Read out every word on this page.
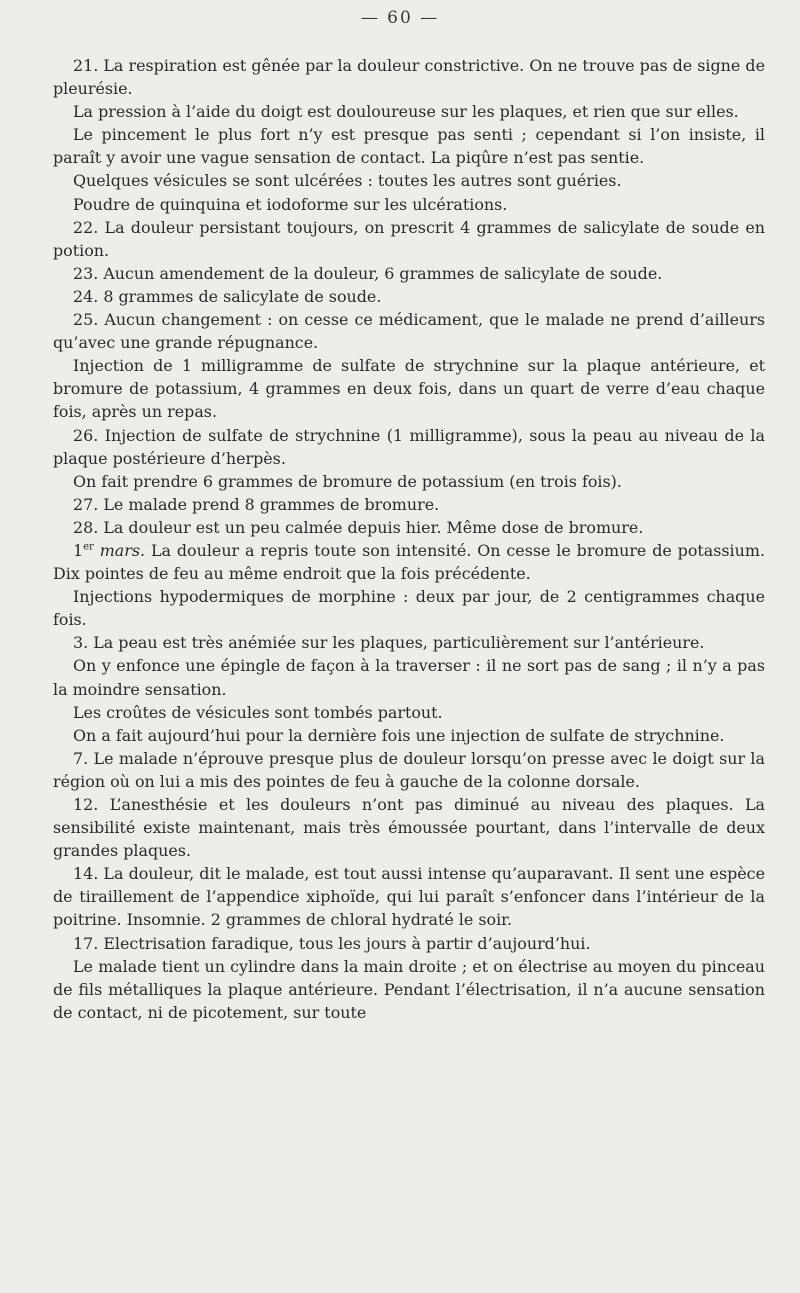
— 60 —

21. La respiration est gênée par la douleur constrictive. On ne trouve pas de signe de pleurésie.

La pression à l’aide du doigt est douloureuse sur les plaques, et rien que sur elles.

Le pincement le plus fort n’y est presque pas senti ; cependant si l’on insiste, il paraît y avoir une vague sensation de contact. La piqûre n’est pas sentie.

Quelques vésicules se sont ulcérées : toutes les autres sont guéries.

Poudre de quinquina et iodoforme sur les ulcérations.

22. La douleur persistant toujours, on prescrit 4 grammes de salicylate de soude en potion.

23. Aucun amendement de la douleur, 6 grammes de salicylate de soude.

24. 8 grammes de salicylate de soude.

25. Aucun changement : on cesse ce médicament, que le malade ne prend d’ailleurs qu’avec une grande répugnance.

Injection de 1 milligramme de sulfate de strychnine sur la plaque antérieure, et bromure de potassium, 4 grammes en deux fois, dans un quart de verre d’eau chaque fois, après un repas.

26. Injection de sulfate de strychnine (1 milligramme), sous la peau au niveau de la plaque postérieure d’herpès.

On fait prendre 6 grammes de bromure de potassium (en trois fois).

27. Le malade prend 8 grammes de bromure.

28. La douleur est un peu calmée depuis hier. Même dose de bromure.

1er mars. La douleur a repris toute son intensité. On cesse le bromure de potassium. Dix pointes de feu au même endroit que la fois précédente.

Injections hypodermiques de morphine : deux par jour, de 2 centigrammes chaque fois.

3. La peau est très anémiée sur les plaques, particulièrement sur l’antérieure.

On y enfonce une épingle de façon à la traverser : il ne sort pas de sang ; il n’y a pas la moindre sensation.

Les croûtes de vésicules sont tombés partout.

On a fait aujourd’hui pour la dernière fois une injection de sulfate de strychnine.

7. Le malade n’éprouve presque plus de douleur lorsqu’on presse avec le doigt sur la région où on lui a mis des pointes de feu à gauche de la colonne dorsale.

12. L’anesthésie et les douleurs n’ont pas diminué au niveau des plaques. La sensibilité existe maintenant, mais très émoussée pourtant, dans l’intervalle de deux grandes plaques.

14. La douleur, dit le malade, est tout aussi intense qu’auparavant. Il sent une espèce de tiraillement de l’appendice xiphoïde, qui lui paraît s’enfoncer dans l’intérieur de la poitrine. Insomnie. 2 grammes de chloral hydraté le soir.

17. Electrisation faradique, tous les jours à partir d’aujourd’hui.

Le malade tient un cylindre dans la main droite ; et on électrise au moyen du pinceau de fils métalliques la plaque antérieure. Pendant l’électrisation, il n’a aucune sensation de contact, ni de picotement, sur toute
